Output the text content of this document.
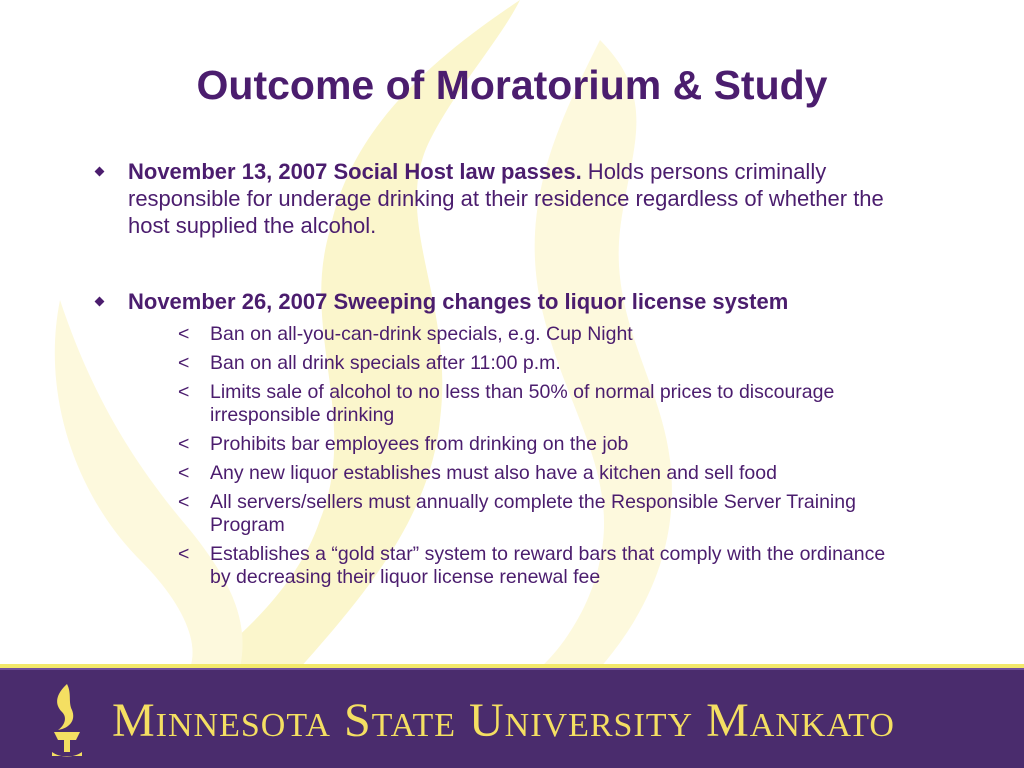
Outcome of Moratorium & Study
November 13, 2007 Social Host law passes. Holds persons criminally responsible for underage drinking at their residence regardless of whether the host supplied the alcohol.
November 26, 2007 Sweeping changes to liquor license system
< Ban on all-you-can-drink specials, e.g. Cup Night
< Ban on all drink specials after 11:00 p.m.
< Limits sale of alcohol to no less than 50% of normal prices to discourage irresponsible drinking
< Prohibits bar employees from drinking on the job
< Any new liquor establishes must also have a kitchen and sell food
< All servers/sellers must annually complete the Responsible Server Training Program
< Establishes a “gold star” system to reward bars that comply with the ordinance by decreasing their liquor license renewal fee
Minnesota State University Mankato
